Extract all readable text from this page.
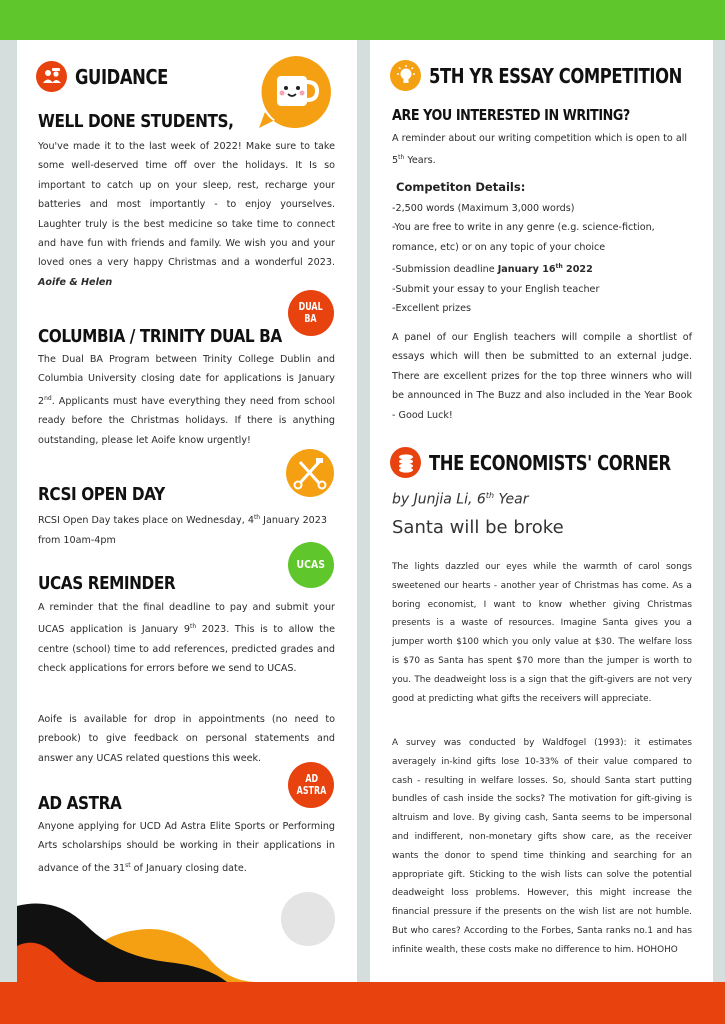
GUIDANCE
WELL DONE STUDENTS,
You've made it to the last week of 2022! Make sure to take some well-deserved time off over the holidays. It Is so important to catch up on your sleep, rest, recharge your batteries and most importantly - to enjoy yourselves. Laughter truly is the best medicine so take time to connect and have fun with friends and family. We wish you and your loved ones a very happy Christmas and a wonderful 2023. Aoife & Helen
DUAL
BA
COLUMBIA / TRINITY DUAL BA
The Dual BA Program between Trinity College Dublin and Columbia University closing date for applications is January 2nd. Applicants must have everything they need from school ready before the Christmas holidays. If there is anything outstanding, please let Aoife know urgently!
RCSI OPEN DAY
RCSI Open Day takes place on Wednesday, 4th January 2023 from 10am-4pm
UCAS
UCAS REMINDER
A reminder that the final deadline to pay and submit your UCAS application is January 9th 2023. This is to allow the centre (school) time to add references, predicted grades and check applications for errors before we send to UCAS.
Aoife is available for drop in appointments (no need to prebook) to give feedback on personal statements and answer any UCAS related questions this week.
AD
ASTRA
AD ASTRA
Anyone applying for UCD Ad Astra Elite Sports or Performing Arts scholarships should be working in their applications in advance of the 31st of January closing date.
5TH YR ESSAY COMPETITION
ARE YOU INTERESTED IN WRITING?
A reminder about our writing competition which is open to all 5th Years.
Competiton Details:
-2,500 words (Maximum 3,000 words)
-You are free to write in any genre (e.g. science-fiction, romance, etc) or on any topic of your choice
-Submission deadline January 16th 2022
-Submit your essay to your English teacher
-Excellent prizes
A panel of our English teachers will compile a shortlist of essays which will then be submitted to an external judge. There are excellent prizes for the top three winners who will be announced in The Buzz and also included in the Year Book - Good Luck!
THE ECONOMISTS' CORNER
by Junjia Li, 6th Year
Santa will be broke
The lights dazzled our eyes while the warmth of carol songs sweetened our hearts - another year of Christmas has come. As a boring economist, I want to know whether giving Christmas presents is a waste of resources. Imagine Santa gives you a jumper worth $100 which you only value at $30. The welfare loss is $70 as Santa has spent $70 more than the jumper is worth to you. The deadweight loss is a sign that the gift-givers are not very good at predicting what gifts the receivers will appreciate.
A survey was conducted by Waldfogel (1993): it estimates averagely in-kind gifts lose 10-33% of their value compared to cash - resulting in welfare losses. So, should Santa start putting bundles of cash inside the socks? The motivation for gift-giving is altruism and love. By giving cash, Santa seems to be impersonal and indifferent, non-monetary gifts show care, as the receiver wants the donor to spend time thinking and searching for an appropriate gift. Sticking to the wish lists can solve the potential deadweight loss problems. However, this might increase the financial pressure if the presents on the wish list are not humble. But who cares? According to the Forbes, Santa ranks no.1 and has infinite wealth, these costs make no difference to him. HOHOHO
